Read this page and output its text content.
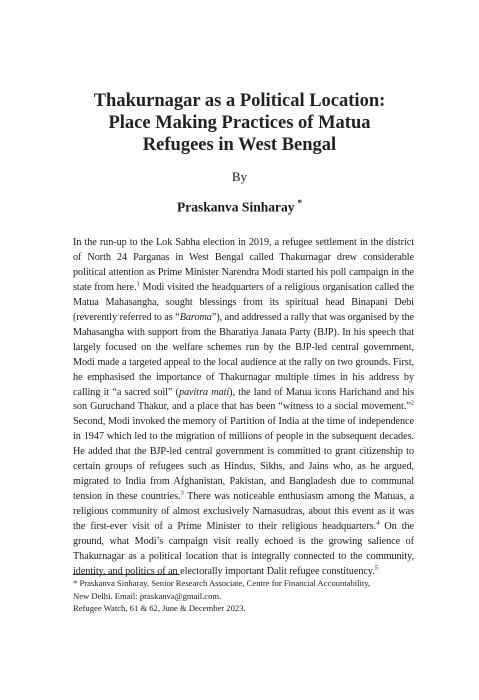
Thakurnagar as a Political Location:
Place Making Practices of Matua
Refugees in West Bengal

By

Praskanva Sinharay *

In the run-up to the Lok Sabha election in 2019, a refugee settlement in the district of North 24 Parganas in West Bengal called Thakurnagar drew considerable political attention as Prime Minister Narendra Modi started his poll campaign in the state from here.$^1$ Modi visited the headquarters of a religious organisation called the Matua Mahasangha, sought blessings from its spiritual head Binapani Debi (reverently referred to as “Baroma”), and addressed a rally that was organised by the Mahasangha with support from the Bharatiya Janata Party (BJP). In his speech that largely focused on the welfare schemes run by the BJP-led central government, Modi made a targeted appeal to the local audience at the rally on two grounds. First, he emphasised the importance of Thakurnagar multiple times in his address by calling it “a sacred soil” (pavitra mati), the land of Matua icons Harichand and his son Guruchand Thakur, and a place that has been “witness to a social movement.”$^2$ Second, Modi invoked the memory of Partition of India at the time of independence in 1947 which led to the migration of millions of people in the subsequent decades. He added that the BJP-led central government is committed to grant citizenship to certain groups of refugees such as Hindus, Sikhs, and Jains who, as he argued, migrated to India from Afghanistan, Pakistan, and Bangladesh due to communal tension in these countries.$^3$ There was noticeable enthusiasm among the Matuas, a religious community of almost exclusively Namasudras, about this event as it was the first-ever visit of a Prime Minister to their religious headquarters.$^4$ On the ground, what Modi’s campaign visit really echoed is the growing salience of Thakurnagar as a political location that is integrally connected to the community, identity, and politics of an electorally important Dalit refugee constituency.$^5$

* Praskanva Sinharay, Senior Research Associate, Centre for Financial Accountability,
New Delhi. Email: praskanva@gmail.com.
Refugee Watch, 61 & 62, June & December 2023.
